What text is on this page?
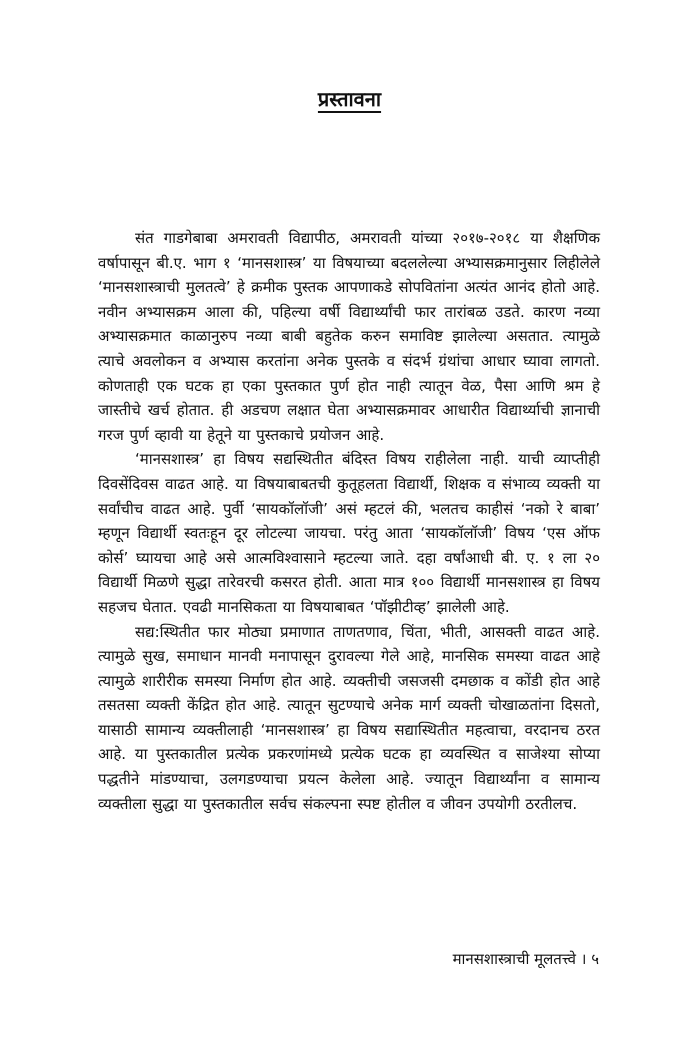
प्रस्तावना

संत गाडगेबाबा अमरावती विद्यापीठ, अमरावती यांच्या २०१७-२०१८ या शैक्षणिक वर्षापासून बी.ए. भाग १ ‘मानसशास्त्र’ या विषयाच्या बदललेल्या अभ्यासक्रमानुसार लिहीलेले ‘मानसशास्त्राची मुलतत्वे’ हे क्रमीक पुस्तक आपणाकडे सोपवितांना अत्यंत आनंद होतो आहे. नवीन अभ्यासक्रम आला की, पहिल्या वर्षी विद्यार्थ्यांची फार तारांबळ उडते. कारण नव्या अभ्यासक्रमात काळानुरुप नव्या बाबी बहुतेक करुन समाविष्ट झालेल्या असतात. त्यामुळे त्याचे अवलोकन व अभ्यास करतांना अनेक पुस्तके व संदर्भ ग्रंथांचा आधार घ्यावा लागतो. कोणताही एक घटक हा एका पुस्तकात पुर्ण होत नाही त्यातून वेळ, पैसा आणि श्रम हे जास्तीचे खर्च होतात. ही अडचण लक्षात घेता अभ्यासक्रमावर आधारीत विद्यार्थ्याची ज्ञानाची गरज पुर्ण व्हावी या हेतूने या पुस्तकाचे प्रयोजन आहे.

‘मानसशास्त्र’ हा विषय सद्यस्थितीत बंदिस्त विषय राहीलेला नाही. याची व्याप्तीही दिवसेंदिवस वाढत आहे. या विषयाबाबतची कुतूहलता विद्यार्थी, शिक्षक व संभाव्य व्यक्ती या सर्वांचीच वाढत आहे. पुर्वी ‘सायकॉलॉजी’ असं म्हटलं की, भलतच काहीसं ‘नको रे बाबा’ म्हणून विद्यार्थी स्वतःहून दूर लोटल्या जायचा. परंतु आता ‘सायकॉलॉजी’ विषय ‘एस ऑफ कोर्स’ घ्यायचा आहे असे आत्मविश्वासाने म्हटल्या जाते. दहा वर्षांआधी बी. ए. १ ला २० विद्यार्थी मिळणे सुद्धा तारेवरची कसरत होती. आता मात्र १०० विद्यार्थी मानसशास्त्र हा विषय सहजच घेतात. एवढी मानसिकता या विषयाबाबत ‘पॉझीटीव्ह’ झालेली आहे.

सद्य:स्थितीत फार मोठ्या प्रमाणात ताणतणाव, चिंता, भीती, आसक्ती वाढत आहे. त्यामुळे सुख, समाधान मानवी मनापासून दुरावल्या गेले आहे, मानसिक समस्या वाढत आहे त्यामुळे शारीरीक समस्या निर्माण होत आहे. व्यक्तीची जसजसी दमछाक व कोंडी होत आहे तसतसा व्यक्ती केंद्रित होत आहे. त्यातून सुटण्याचे अनेक मार्ग व्यक्ती चोखाळतांना दिसतो, यासाठी सामान्य व्यक्तीलाही ‘मानसशास्त्र’ हा विषय सद्यास्थितीत महत्वाचा, वरदानच ठरत आहे. या पुस्तकातील प्रत्येक प्रकरणांमध्ये प्रत्येक घटक हा व्यवस्थित व साजेश्या सोप्या पद्धतीने मांडण्याचा, उलगडण्याचा प्रयत्न केलेला आहे. ज्यातून विद्यार्थ्यांना व सामान्य व्यक्तीला सुद्धा या पुस्तकातील सर्वच संकल्पना स्पष्ट होतील व जीवन उपयोगी ठरतीलच.

मानसशास्त्राची मूलतत्त्वे । ५
